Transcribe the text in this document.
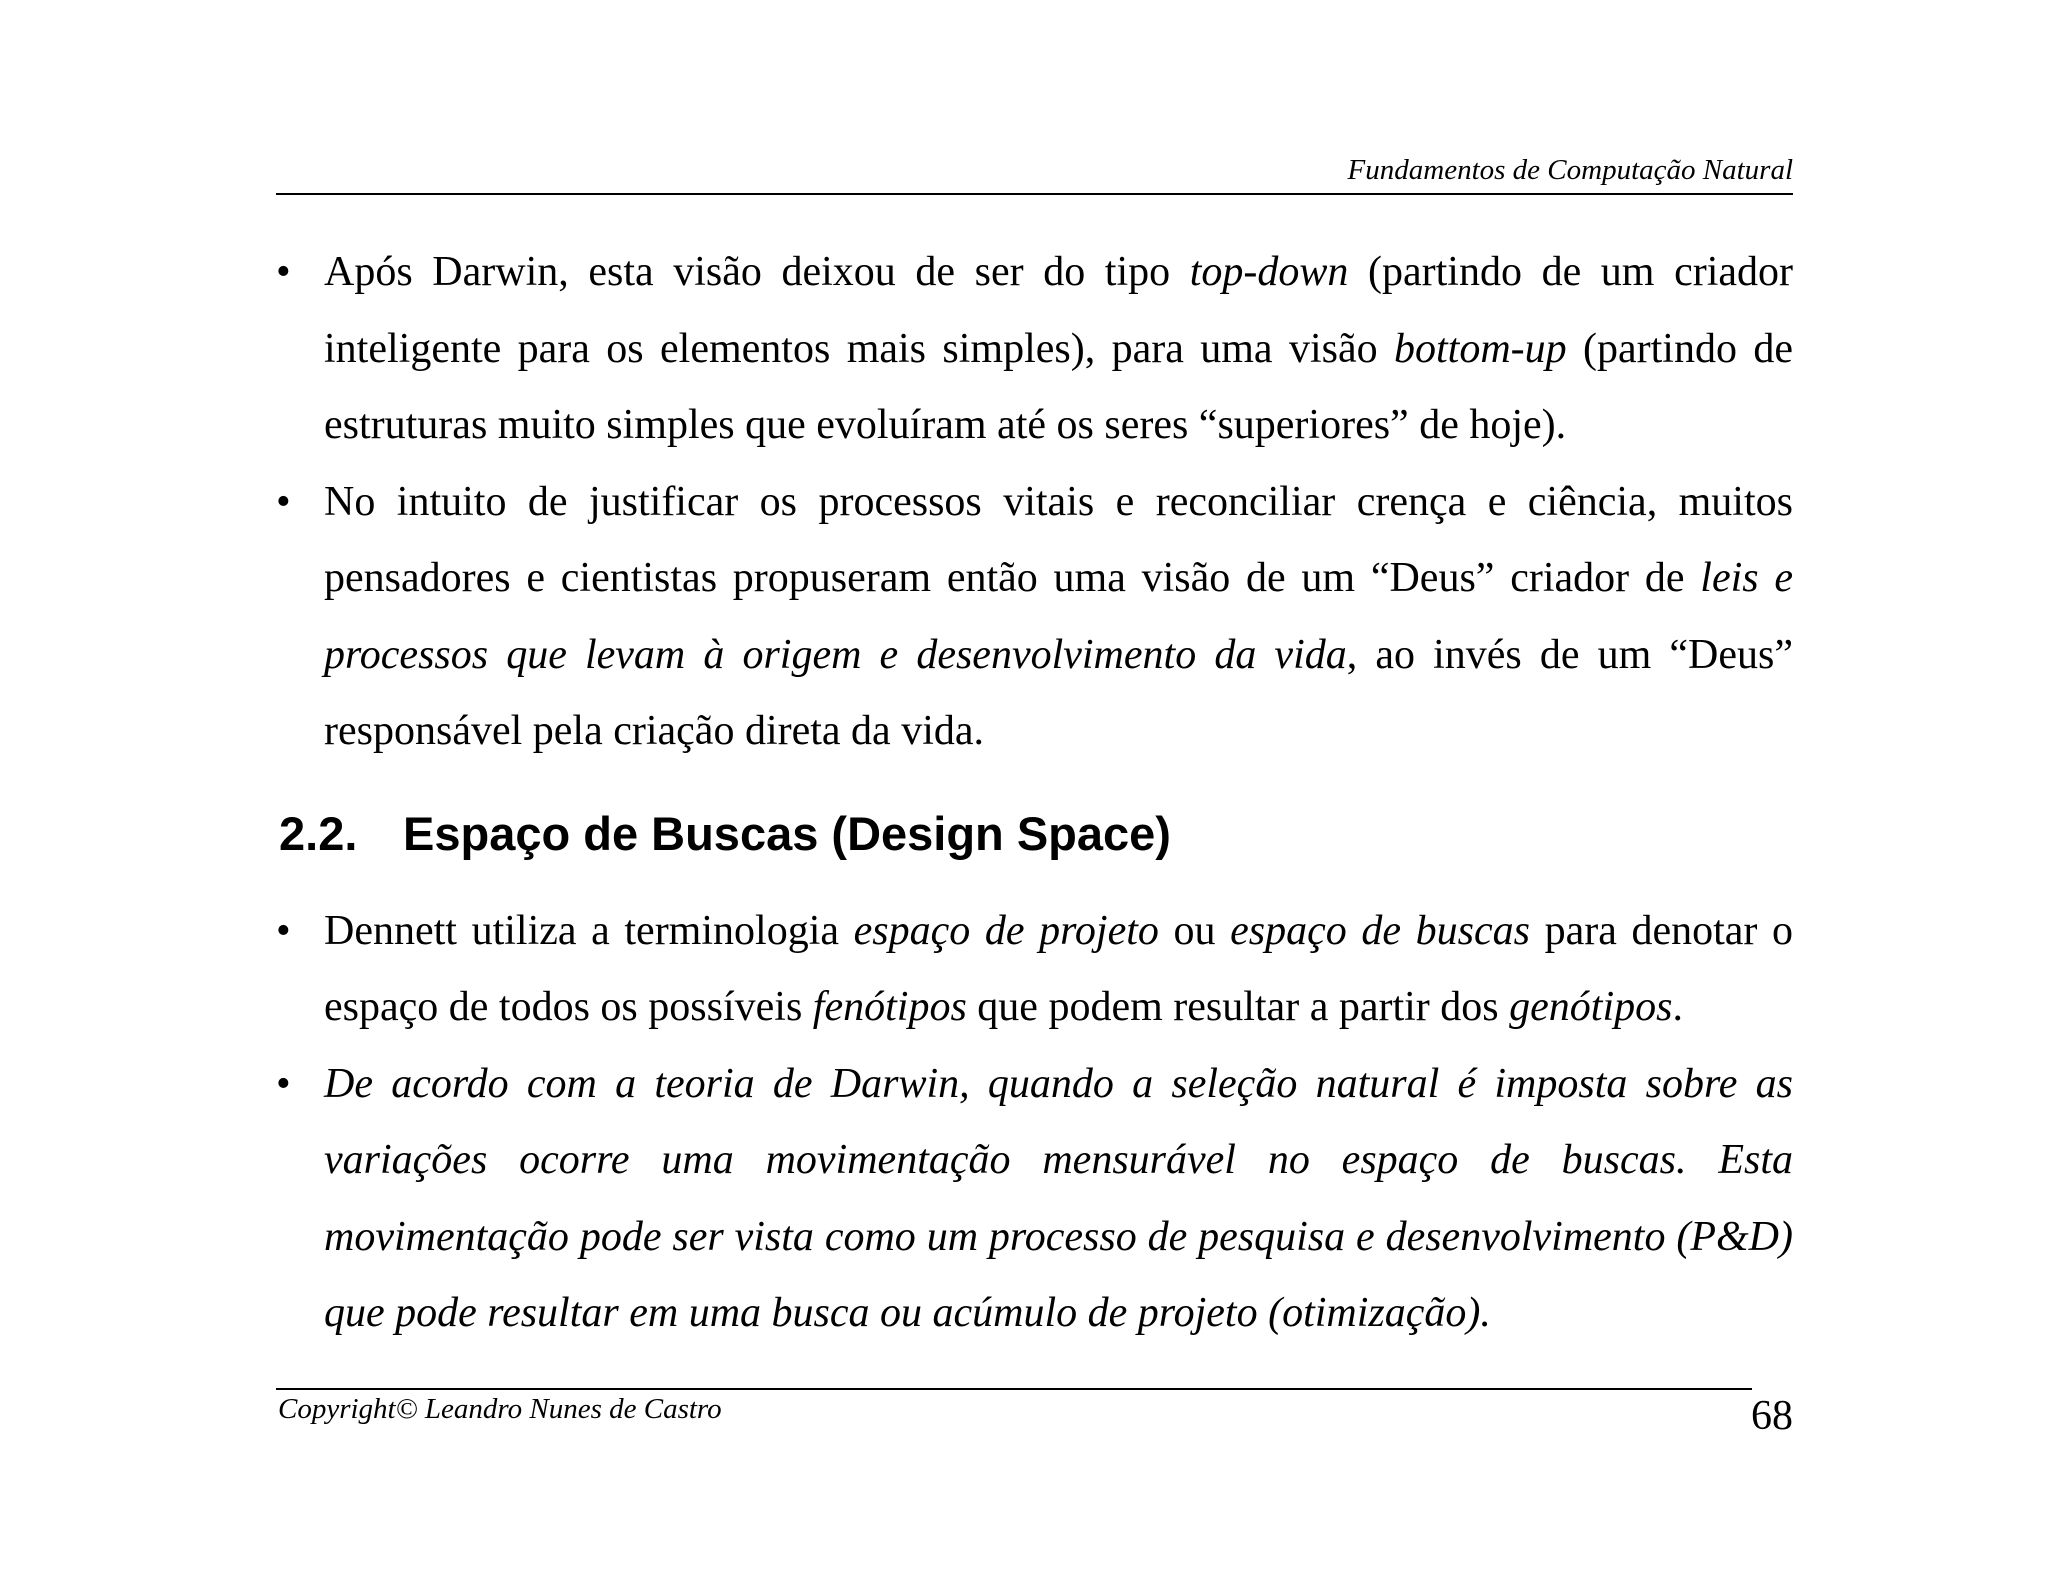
Fundamentos de Computação Natural
• Após Darwin, esta visão deixou de ser do tipo top-down (partindo de um criador inteligente para os elementos mais simples), para uma visão bottom-up (partindo de estruturas muito simples que evoluíram até os seres “superiores” de hoje).
• No intuito de justificar os processos vitais e reconciliar crença e ciência, muitos pensadores e cientistas propuseram então uma visão de um “Deus” criador de leis e processos que levam à origem e desenvolvimento da vida, ao invés de um “Deus” responsável pela criação direta da vida.
2.2. Espaço de Buscas (Design Space)
• Dennett utiliza a terminologia espaço de projeto ou espaço de buscas para denotar o espaço de todos os possíveis fenótipos que podem resultar a partir dos genótipos.
• De acordo com a teoria de Darwin, quando a seleção natural é imposta sobre as variações ocorre uma movimentação mensurável no espaço de buscas. Esta movimentação pode ser vista como um processo de pesquisa e desenvolvimento (P&D) que pode resultar em uma busca ou acúmulo de projeto (otimização).
Copyright© Leandro Nunes de Castro	68
